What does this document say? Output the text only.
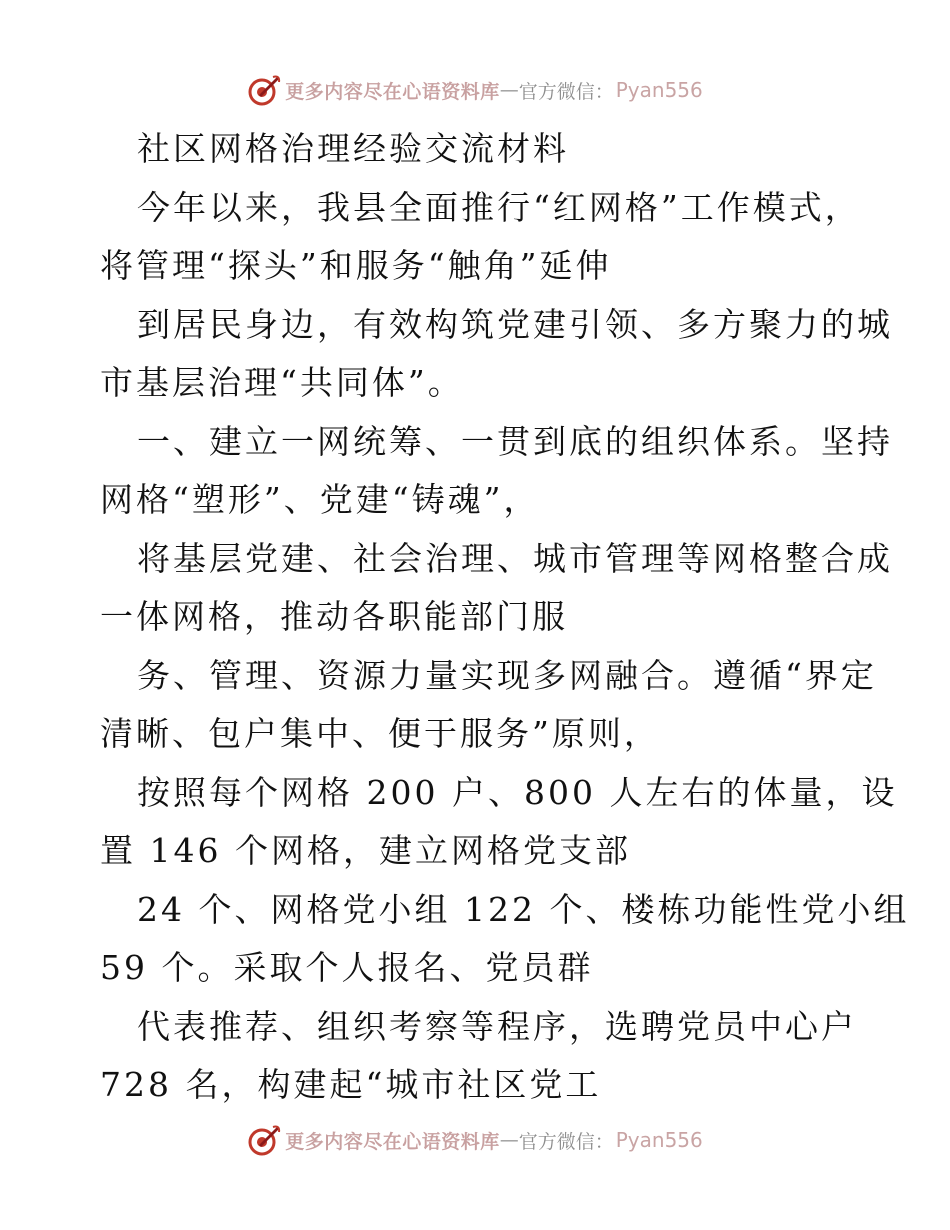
更多内容尽在心语资料库 — 官方微信： Pyan556
社区网格治理经验交流材料
今年以来，我县全面推行“红网格”工作模式，
将管理“探头”和服务“触角”延伸
到居民身边，有效构筑党建引领、多方聚力的城
市基层治理“共同体”。
一、建立一网统筹、一贯到底的组织体系。坚持
网格“塑形”、党建“铸魂”，
将基层党建、社会治理、城市管理等网格整合成
一体网格，推动各职能部门服
务、管理、资源力量实现多网融合。遵循“界定
清晰、包户集中、便于服务”原则，
按照每个网格 200 户、800 人左右的体量，设
置 146 个网格，建立网格党支部
24 个、网格党小组 122 个、楼栋功能性党小组
59 个。采取个人报名、党员群
代表推荐、组织考察等程序，选聘党员中心户
728 名，构建起“城市社区党工
更多内容尽在心语资料库 — 官方微信： Pyan556
